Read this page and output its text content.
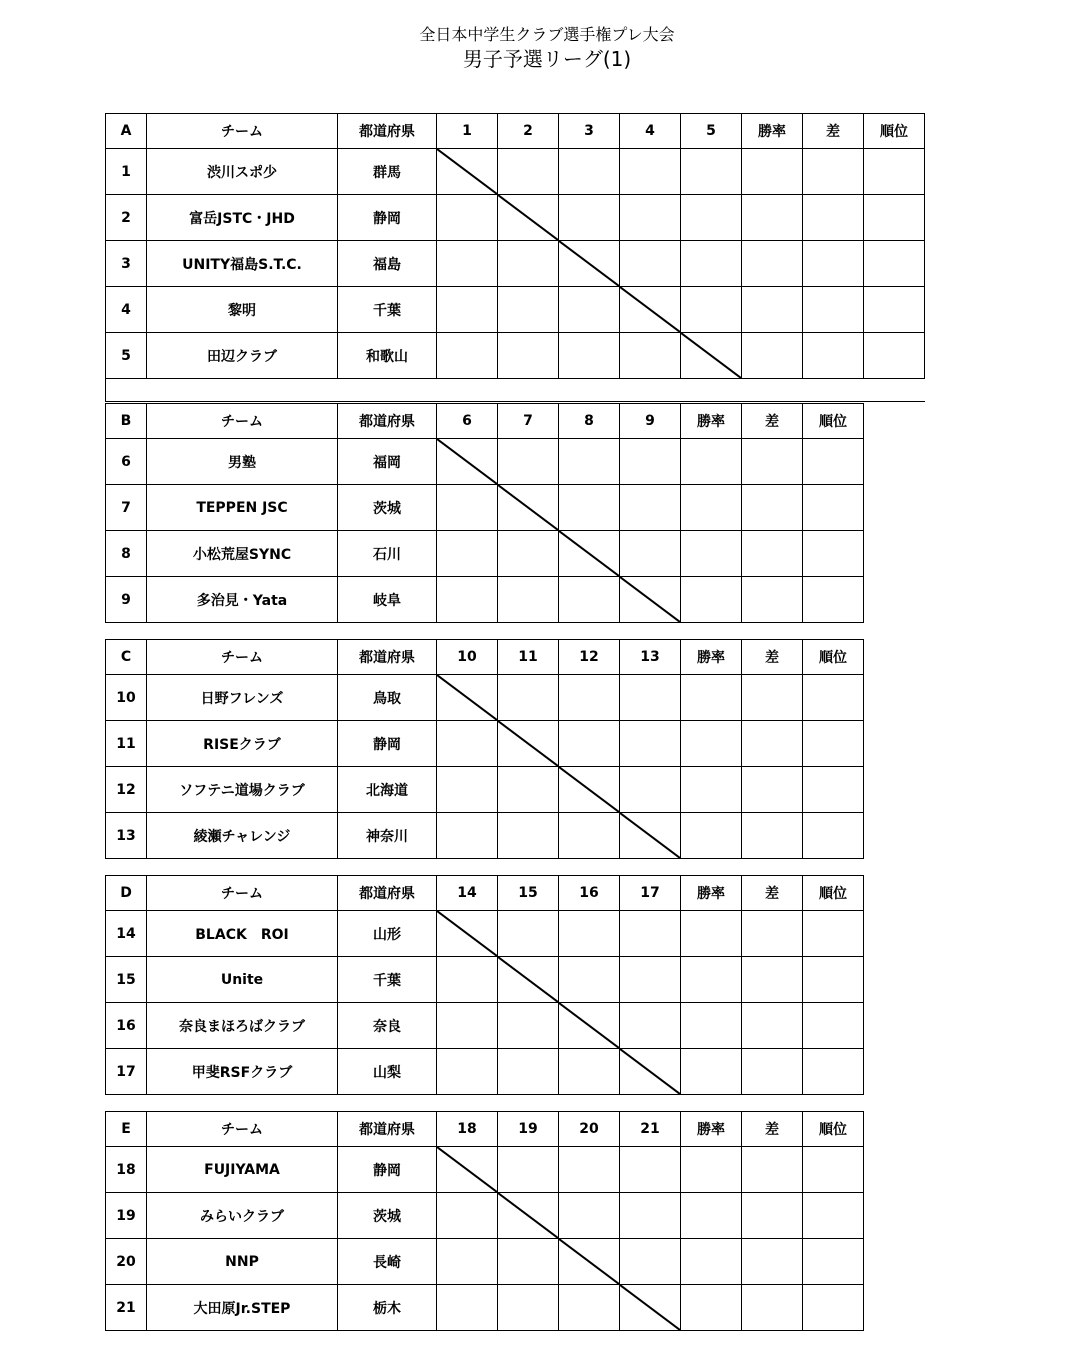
全日本中学生クラブ選手権プレ大会
男子予選リーグ(1)
A	チーム	都道府県	1	2	3	4	5	勝率	差	順位
1	渋川スポ少	群馬	

2	富岳JSTC・JHD	静岡		

3	UNITY福島S.T.C.	福島			

4	黎明	千葉				

5	田辺クラブ	和歌山					

B	チーム	都道府県	6	7	8	9	勝率	差	順位
6	男塾	福岡	

7	TEPPEN JSC	茨城		

8	小松荒屋SYNC	石川			

9	多治見・Yata	岐阜				

C	チーム	都道府県	10	11	12	13	勝率	差	順位
10	日野フレンズ	鳥取	

11	RISEクラブ	静岡		

12	ソフテニ道場クラブ	北海道			

13	綾瀬チャレンジ	神奈川				

D	チーム	都道府県	14	15	16	17	勝率	差	順位
14	BLACK　ROI	山形	

15	Unite	千葉		

16	奈良まほろばクラブ	奈良			

17	甲斐RSFクラブ	山梨				

E	チーム	都道府県	18	19	20	21	勝率	差	順位
18	FUJIYAMA	静岡	

19	みらいクラブ	茨城		

20	NNP	長崎			

21	大田原Jr.STEP	栃木				
